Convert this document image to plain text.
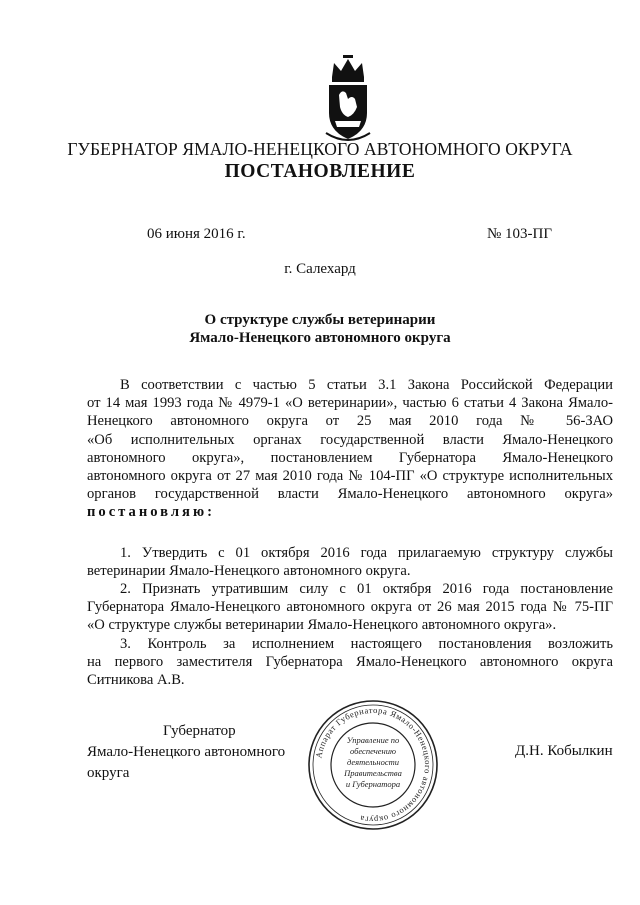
ГУБЕРНАТОР ЯМАЛО-НЕНЕЦКОГО АВТОНОМНОГО ОКРУГА
ПОСТАНОВЛЕНИЕ
06 июня 2016 г.	№ 103-ПГ
г. Салехард
О структуре службы ветеринарии
Ямало-Ненецкого автономного округа
В соответствии с частью 5 статьи 3.1 Закона Российской Федерации
от 14 мая 1993 года № 4979-1 «О ветеринарии», частью 6 статьи 4 Закона Ямало-
Ненецкого автономного округа от 25 мая 2010 года № 56-ЗАО
«Об исполнительных органах государственной власти Ямало-Ненецкого
автономного округа», постановлением Губернатора Ямало-Ненецкого
автономного округа от 27 мая 2010 года № 104-ПГ «О структуре исполнительных
органов государственной власти Ямало-Ненецкого автономного округа»
постановляю:
1. Утвердить с 01 октября 2016 года прилагаемую структуру службы
ветеринарии Ямало-Ненецкого автономного округа.
2. Признать утратившим силу с 01 октября 2016 года постановление
Губернатора Ямало-Ненецкого автономного округа от 26 мая 2015 года № 75-ПГ
«О структуре службы ветеринарии Ямало-Ненецкого автономного округа».
3. Контроль за исполнением настоящего постановления возложить
на первого заместителя Губернатора Ямало-Ненецкого автономного округа
Ситникова А.В.
Губернатор
Ямало-Ненецкого автономного округа
Д.Н. Кобылкин
Аппарат Губернатора Ямало-Ненецкого автономного округа
Управление по
обеспечению
деятельности
Правительства
и Губернатора
